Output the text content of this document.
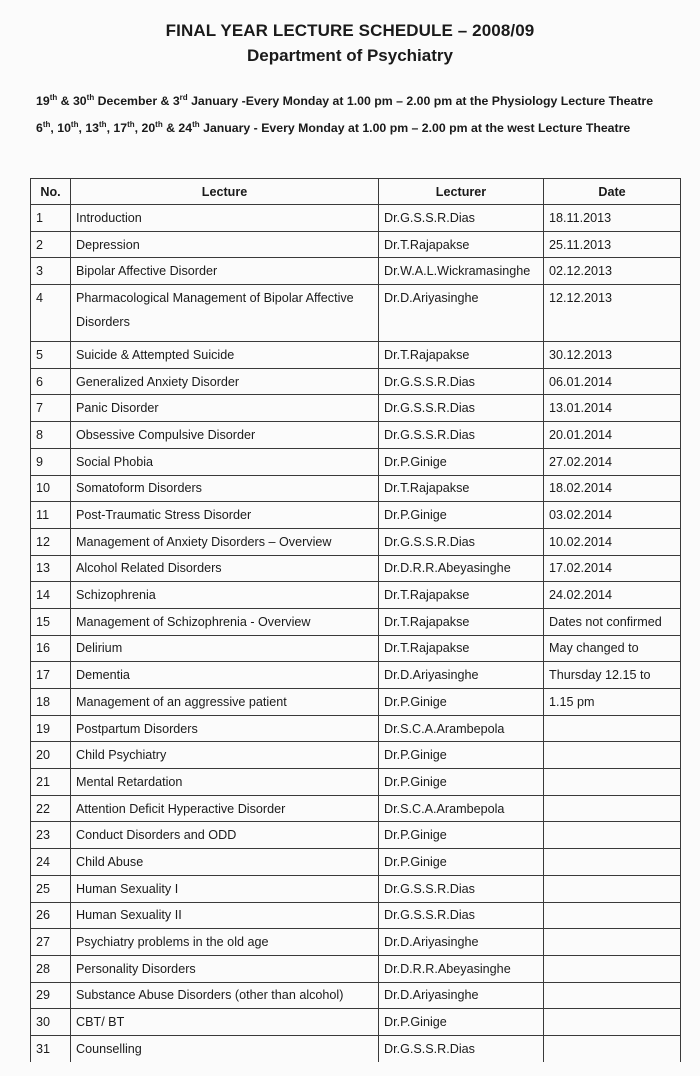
FINAL YEAR LECTURE SCHEDULE – 2008/09
Department of Psychiatry
19th & 30th December & 3rd January -Every Monday at 1.00 pm – 2.00 pm at the Physiology Lecture Theatre
6th, 10th, 13th, 17th, 20th & 24th January - Every Monday at 1.00 pm – 2.00 pm at the west Lecture Theatre
No.	Lecture	Lecturer	Date
1	Introduction	Dr.G.S.S.R.Dias	18.11.2013
2	Depression	Dr.T.Rajapakse	25.11.2013
3	Bipolar Affective Disorder	Dr.W.A.L.Wickramasinghe	02.12.2013
4	Pharmacological Management of Bipolar Affective Disorders	Dr.D.Ariyasinghe	12.12.2013
5	Suicide & Attempted Suicide	Dr.T.Rajapakse	30.12.2013
6	Generalized Anxiety Disorder	Dr.G.S.S.R.Dias	06.01.2014
7	Panic Disorder	Dr.G.S.S.R.Dias	13.01.2014
8	Obsessive Compulsive Disorder	Dr.G.S.S.R.Dias	20.01.2014
9	Social Phobia	Dr.P.Ginige	27.02.2014
10	Somatoform Disorders	Dr.T.Rajapakse	18.02.2014
11	Post-Traumatic Stress Disorder	Dr.P.Ginige	03.02.2014
12	Management of Anxiety Disorders – Overview	Dr.G.S.S.R.Dias	10.02.2014
13	Alcohol Related Disorders	Dr.D.R.R.Abeyasinghe	17.02.2014
14	Schizophrenia	Dr.T.Rajapakse	24.02.2014
15	Management of Schizophrenia - Overview	Dr.T.Rajapakse	Dates not confirmed
16	Delirium	Dr.T.Rajapakse	May changed to
17	Dementia	Dr.D.Ariyasinghe	Thursday 12.15 to
18	Management of an aggressive patient	Dr.P.Ginige	1.15 pm
19	Postpartum Disorders	Dr.S.C.A.Arambepola	
20	Child Psychiatry	Dr.P.Ginige	
21	Mental Retardation	Dr.P.Ginige	
22	Attention Deficit Hyperactive Disorder	Dr.S.C.A.Arambepola	
23	Conduct Disorders and ODD	Dr.P.Ginige	
24	Child Abuse	Dr.P.Ginige	
25	Human Sexuality I	Dr.G.S.S.R.Dias	
26	Human Sexuality II	Dr.G.S.S.R.Dias	
27	Psychiatry problems in the old age	Dr.D.Ariyasinghe	
28	Personality Disorders	Dr.D.R.R.Abeyasinghe	
29	Substance Abuse Disorders (other than alcohol)	Dr.D.Ariyasinghe	
30	CBT/ BT	Dr.P.Ginige	
31	Counselling	Dr.G.S.S.R.Dias	
